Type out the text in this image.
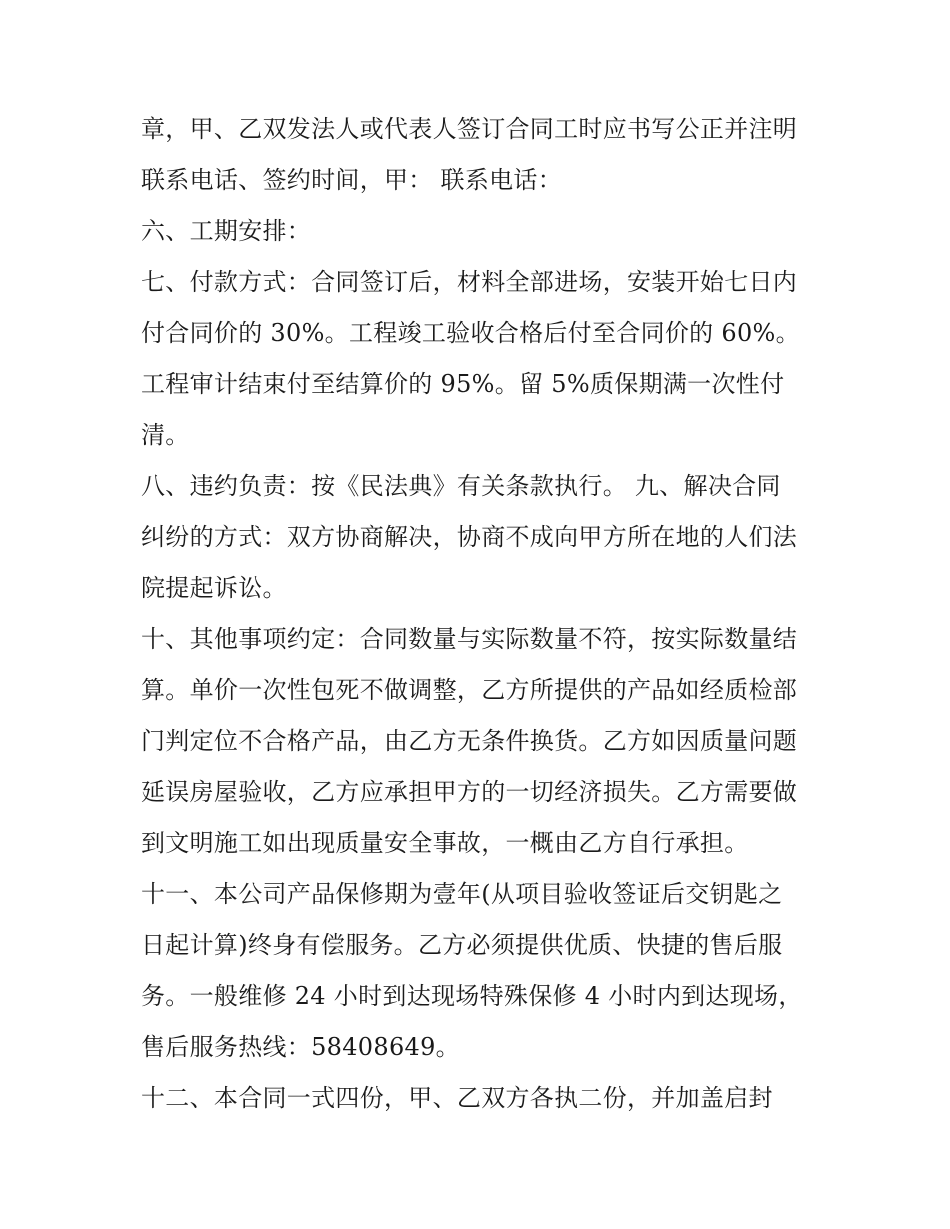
章，甲、乙双发法人或代表人签订合同工时应书写公正并注明
联系电话、签约时间，甲： 联系电话：
六、工期安排：
七、付款方式：合同签订后，材料全部进场，安装开始七日内
付合同价的 30%。工程竣工验收合格后付至合同价的 60%。
工程审计结束付至结算价的 95%。留 5%质保期满一次性付
清。
八、违约负责：按《民法典》有关条款执行。 九、解决合同
纠纷的方式：双方协商解决，协商不成向甲方所在地的人们法
院提起诉讼。
十、其他事项约定：合同数量与实际数量不符，按实际数量结
算。单价一次性包死不做调整，乙方所提供的产品如经质检部
门判定位不合格产品，由乙方无条件换货。乙方如因质量问题
延误房屋验收，乙方应承担甲方的一切经济损失。乙方需要做
到文明施工如出现质量安全事故，一概由乙方自行承担。
十一、本公司产品保修期为壹年(从项目验收签证后交钥匙之
日起计算)终身有偿服务。乙方必须提供优质、快捷的售后服
务。一般维修 24 小时到达现场特殊保修 4 小时内到达现场，
售后服务热线：58408649。
十二、本合同一式四份，甲、乙双方各执二份，并加盖启封
